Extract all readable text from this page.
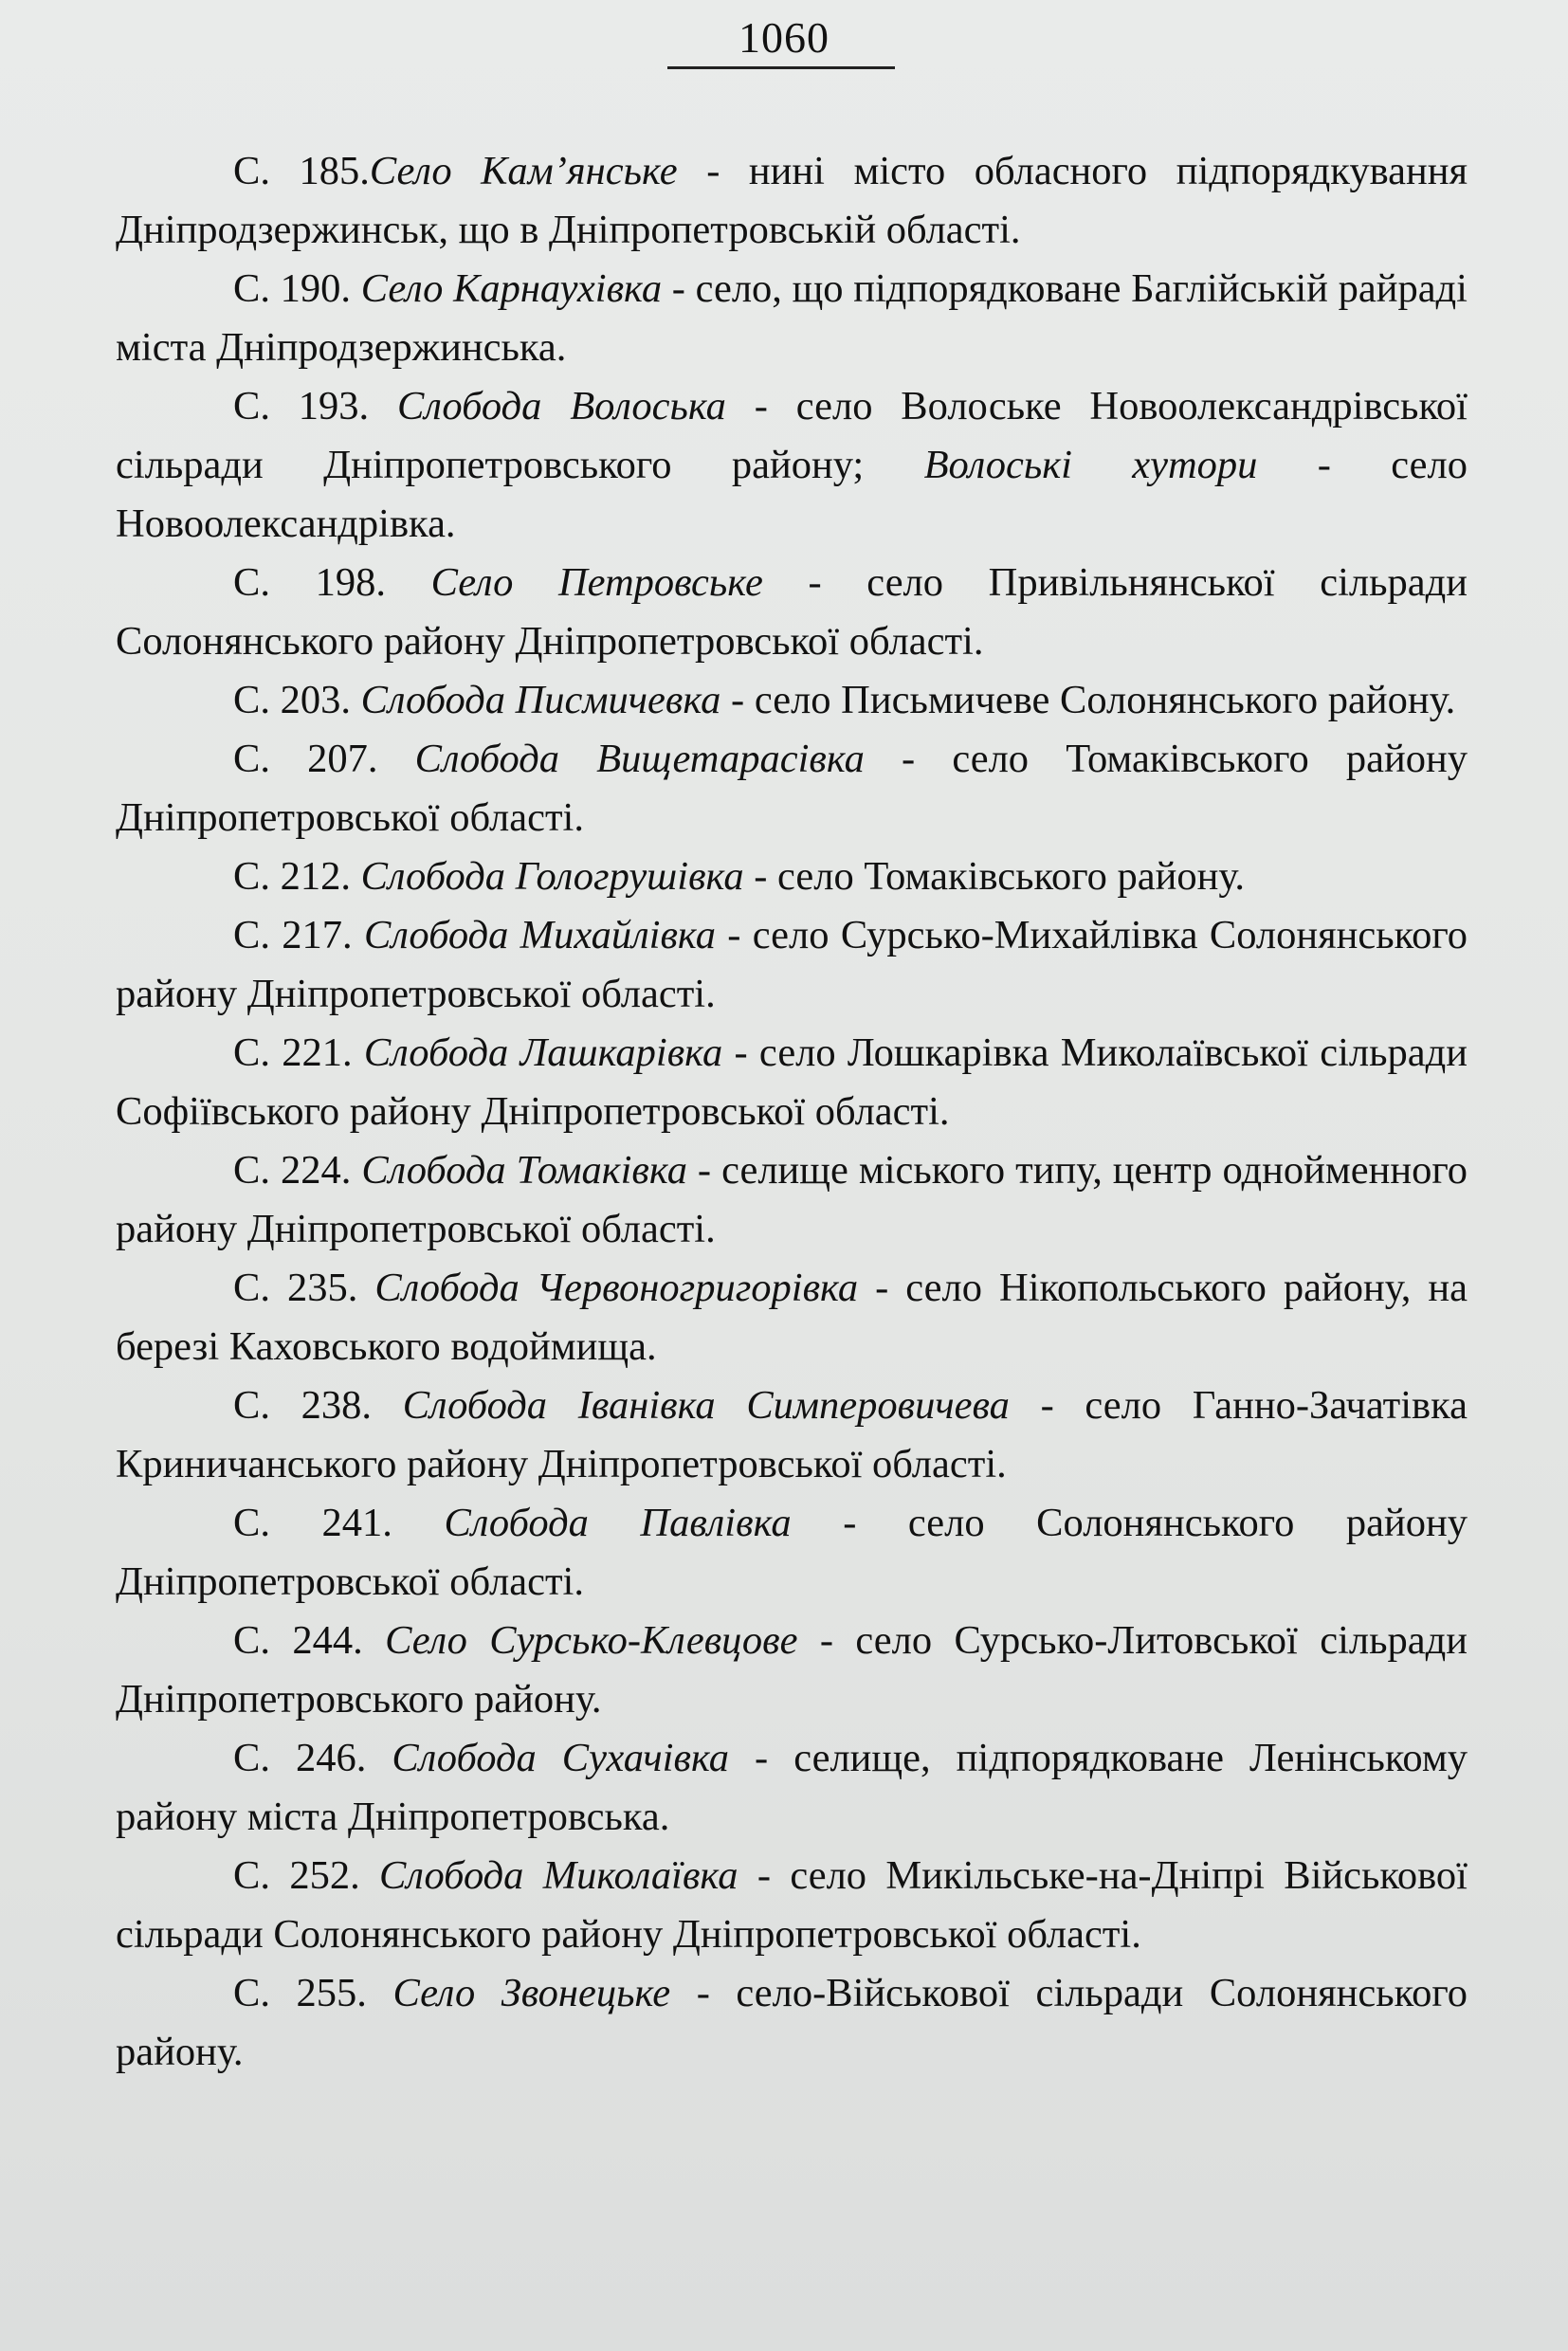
1060

С. 185.Село Кам’янське - нині місто обласного підпорядкування Дніпродзержинськ, що в Дніпропетровській області.

С. 190. Село Карнаухівка - село, що підпорядковане Баглійській райраді міста Дніпродзержинська.

С. 193. Слобода Волоська - село Волоське Новоолександрівської сільради Дніпропетровського району; Волоські хутори - село Новоолександрівка.

С. 198. Село Петровське - село Привільнянської сільради Солонянського району Дніпропетровської області.

С. 203. Слобода Писмичевка - село Письмичеве Солонянського району.

С. 207. Слобода Вищетарасівка - село Томаківського району Дніпропетровської області.

С. 212. Слобода Гологрушівка - село Томаківського району.

С. 217. Слобода Михайлівка - село Сурсько-Михайлівка Солонянського району Дніпропетровської області.

С. 221. Слобода Лашкарівка - село Лошкарівка Миколаївської сільради Софіївського району Дніпропетровської області.

С. 224. Слобода Томаківка - селище міського типу, центр однойменного району Дніпропетровської області.

С. 235. Слобода Червоногригорівка - село Нікопольського району, на березі Каховського водоймища.

С. 238. Слобода Іванівка Симперовичева - село Ганно-Зачатівка Криничанського району Дніпропетровської області.

С. 241. Слобода Павлівка - село Солонянського району Дніпропетровської області.

С. 244. Село Сурсько-Клевцове - село Сурсько-Литовської сільради Дніпропетровського району.

С. 246. Слобода Сухачівка - селище, підпорядковане Ленінському району міста Дніпропетровська.

С. 252. Слобода Миколаївка - село Микільське-на-Дніпрі Військової сільради Солонянського району Дніпропетровської області.

С. 255. Село Звонецьке - село-Військової сільради Солонянського району.
